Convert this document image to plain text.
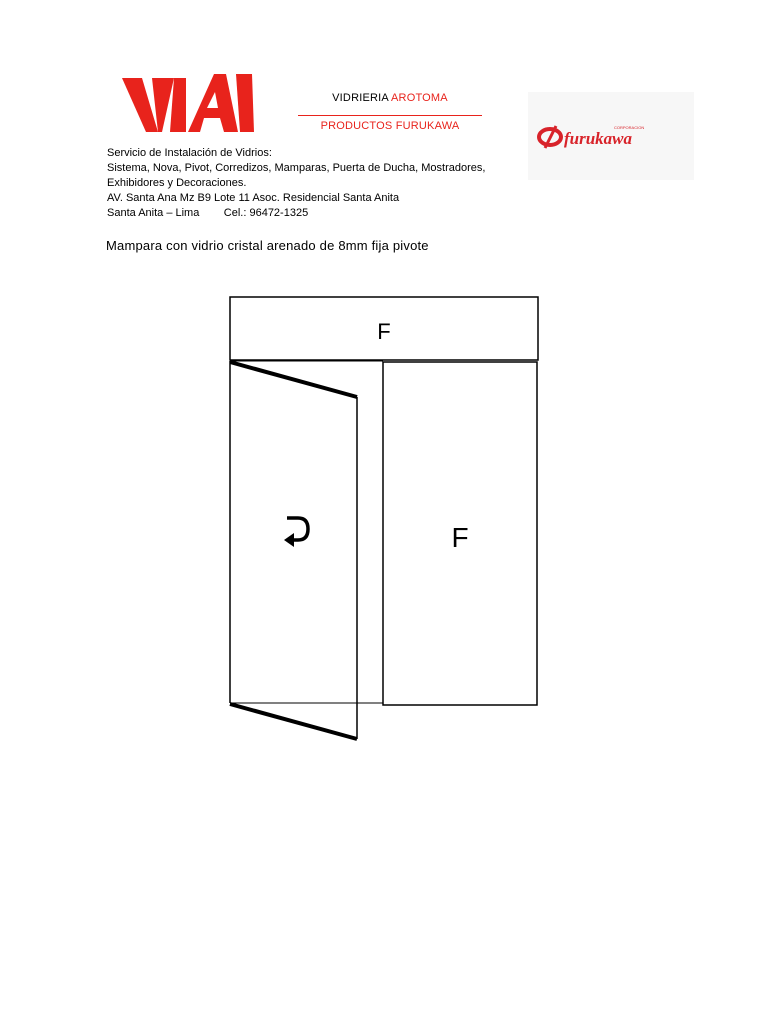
VIDRIERIA AROTOMA
PRODUCTOS FURUKAWA
furukawa
CORPORACION
Servicio de Instalación de Vidrios:
Sistema, Nova, Pivot, Corredizos, Mamparas, Puerta de Ducha, Mostradores,
Exhibidores y Decoraciones.
AV. Santa Ana Mz B9 Lote 11 Asoc. Residencial Santa Anita
Santa Anita – Lima        Cel.: 96472-1325
Mampara con vidrio cristal arenado de 8mm fija pivote
F
F
